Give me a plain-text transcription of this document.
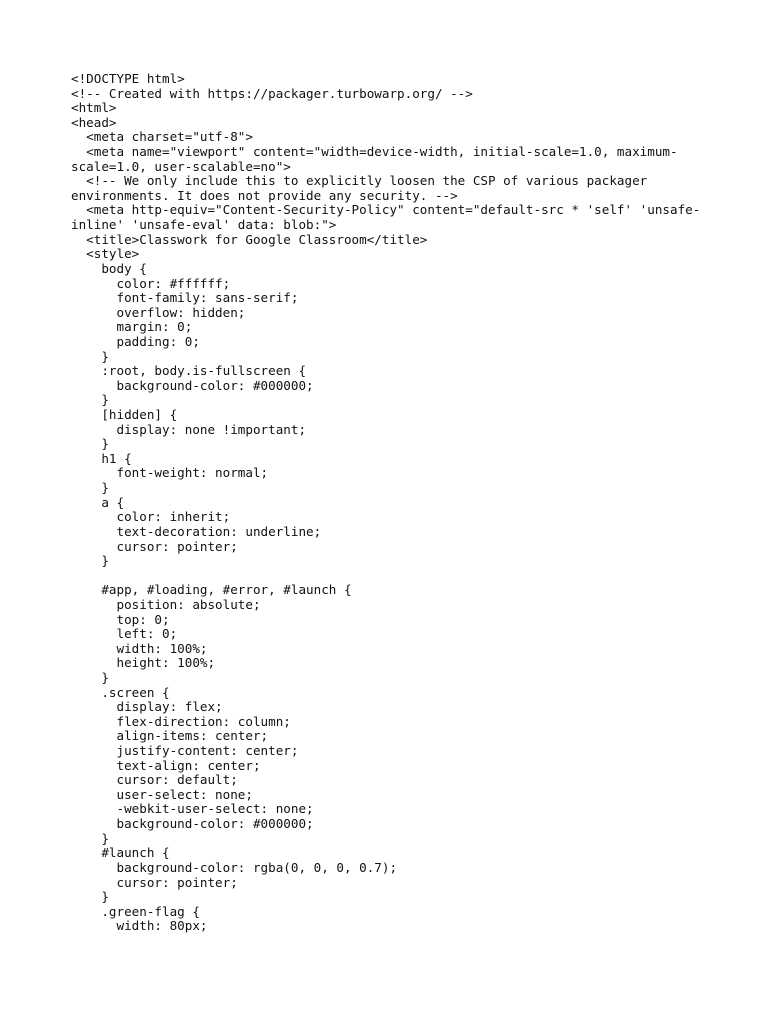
<!DOCTYPE html>
<!-- Created with https://packager.turbowarp.org/ -->
<html>
<head>
<meta charset="utf-8">
<meta name="viewport" content="width=device-width, initial-scale=1.0, maximum-
scale=1.0, user-scalable=no">
<!-- We only include this to explicitly loosen the CSP of various packager
environments. It does not provide any security. -->
<meta http-equiv="Content-Security-Policy" content="default-src * 'self' 'unsafe-
inline' 'unsafe-eval' data: blob:">
<title>Classwork for Google Classroom</title>
<style>
body {
color: #ffffff;
font-family: sans-serif;
overflow: hidden;
margin: 0;
padding: 0;
}
:root, body.is-fullscreen {
background-color: #000000;
}
[hidden] {
display: none !important;
}
h1 {
font-weight: normal;
}
a {
color: inherit;
text-decoration: underline;
cursor: pointer;
}
#app, #loading, #error, #launch {
position: absolute;
top: 0;
left: 0;
width: 100%;
height: 100%;
}
.screen {
display: flex;
flex-direction: column;
align-items: center;
justify-content: center;
text-align: center;
cursor: default;
user-select: none;
-webkit-user-select: none;
background-color: #000000;
}
#launch {
background-color: rgba(0, 0, 0, 0.7);
cursor: pointer;
}
.green-flag {
width: 80px;
